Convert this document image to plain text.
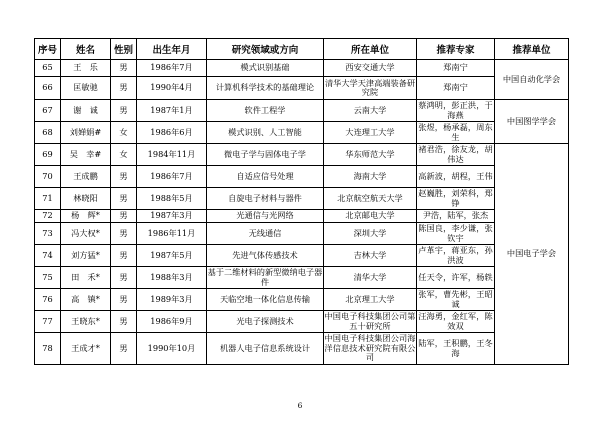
序号	姓名	性别	出生年月	研究领域或方向	所在单位	推荐专家	推荐单位
65	王　乐	男	1986年7月	模式识别基础	西安交通大学	郑南宁	中国自动化学会
66	匡敏驰	男	1990年4月	计算机科学技术的基础理论	清华大学天津高端装备研究院	郑南宁	
67	谢　诚	男	1987年1月	软件工程学	云南大学	蔡鸿明，彭正洪，于海燕	中国图学学会
68	刘婵娟#	女	1986年6月	模式识别、人工智能	大连理工大学	张煜，杨承磊，周东生	
69	吴　幸#	女	1984年11月	微电子学与固体电子学	华东师范大学	褚君浩，徐友龙，胡伟达	中国电子学会
70	王成鹏	男	1986年7月	自适应信号处理	海南大学	高新波，胡程，王伟	
71	林晓阳	男	1988年5月	自旋电子材料与器件	北京航空航天大学	赵巍胜，刘荣科，郑铮	
72	杨　辉*	男	1987年3月	光通信与光网络	北京邮电大学	尹浩，陆军，张杰	
73	冯大权*	男	1986年11月	无线通信	深圳大学	陈国良，李少谦，张钦宇	
74	刘方猛*	男	1987年5月	先进气体传感技术	吉林大学	卢革宇，蒋亚东，孙洪波	
75	田　禾*	男	1988年3月	基于二维材料的新型微纳电子器件	清华大学	任天令，许军，杨轶	
76	高　镇*	男	1989年3月	天临空地一体化信息传输	北京理工大学	张军，曹先彬，王昭诚	
77	王晓东*	男	1986年9月	光电子探测技术	中国电子科技集团公司第五十研究所	汪海勇，金红军，陈效双	
78	王成才*	男	1990年10月	机器人电子信息系统设计	中国电子科技集团公司海洋信息技术研究院有限公司	陆军，王积鹏，王冬海	
6
